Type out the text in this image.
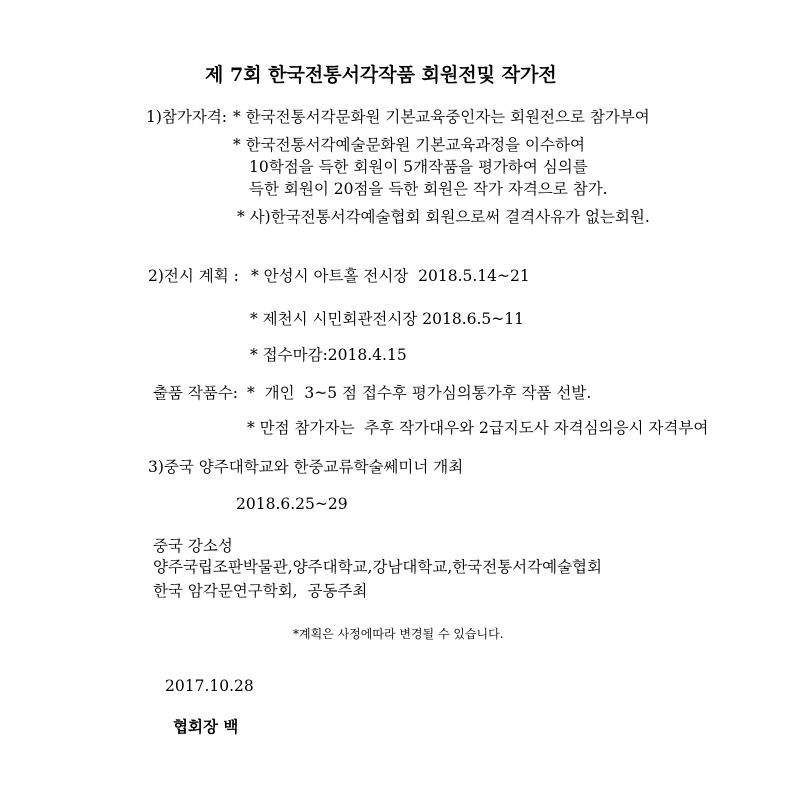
제 7회 한국전통서각작품 회원전및 작가전
1)참가자격: * 한국전통서각문화원 기본교육중인자는 회원전으로 참가부여
* 한국전통서각예술문화원 기본교육과정을 이수하여
10학점을 득한 회원이 5개작품을 평가하여 심의를
득한 회원이 20점을 득한 회원은 작가 자격으로 참가.
* 사)한국전통서각예술협회 회원으로써 결격사유가 없는회원.
2)전시 계획 : * 안성시 아트홀 전시장  2018.5.14~21
* 제천시 시민회관전시장 2018.6.5~11
* 접수마감:2018.4.15
출품 작품수: *  개인  3~5 점 접수후 평가심의통가후 작품 선발.
* 만점 참가자는  추후 작가대우와 2급지도사 자격심의응시 자격부여
3)중국 양주대학교와 한중교류학술쎄미너 개최
2018.6.25~29
중국 강소성
양주국립조판박물관,양주대학교,강남대학교,한국전통서각예술협회
한국 암각문연구학회,  공동주최
*계획은 사정에따라 변경될 수 있습니다.
2017.10.28
협회장 백
